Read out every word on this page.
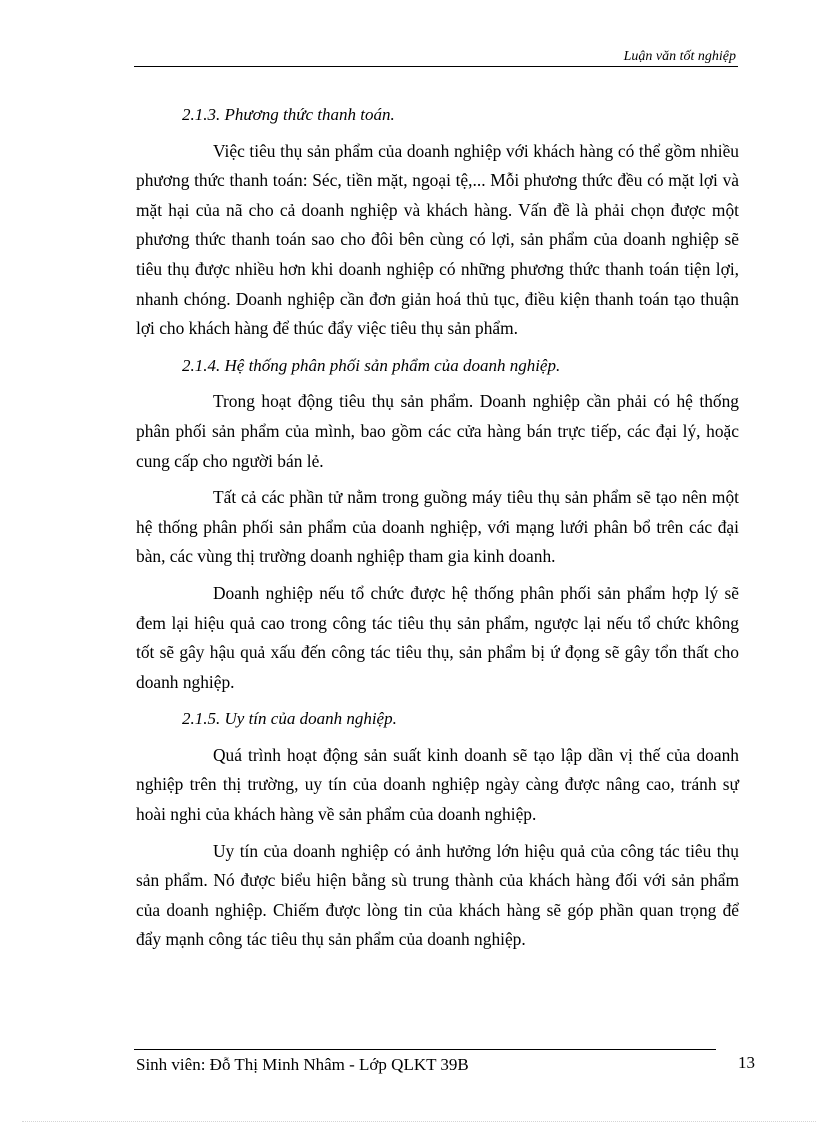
Luận văn tốt nghiệp
2.1.3. Phương thức thanh toán.

Việc tiêu thụ sản phẩm của doanh nghiệp với khách hàng có thể gồm nhiều phương thức thanh toán: Séc, tiền mặt, ngoại tệ,... Mỗi phương thức đều có mặt lợi và mặt hại của nã cho cả doanh nghiệp và khách hàng. Vấn đề là phải chọn được một phương thức thanh toán sao cho đôi bên cùng có lợi, sản phẩm của doanh nghiệp sẽ tiêu thụ được nhiều hơn khi doanh nghiệp có những phương thức thanh toán tiện lợi, nhanh chóng. Doanh nghiệp cần đơn giản hoá thủ tục, điều kiện thanh toán tạo thuận lợi cho khách hàng để thúc đẩy việc tiêu thụ sản phẩm.

2.1.4. Hệ thống phân phối sản phẩm của doanh nghiệp.

Trong hoạt động tiêu thụ sản phẩm. Doanh nghiệp cần phải có hệ thống phân phối sản phẩm của mình, bao gồm các cửa hàng bán trực tiếp, các đại lý, hoặc cung cấp cho người bán lẻ.

Tất cả các phần tử nằm trong guồng máy tiêu thụ sản phẩm sẽ tạo nên một hệ thống phân phối sản phẩm của doanh nghiệp, với mạng lưới phân bổ trên các đại bàn, các vùng thị trường doanh nghiệp tham gia kinh doanh.

Doanh nghiệp nếu tổ chức được hệ thống phân phối sản phẩm hợp lý sẽ đem lại hiệu quả cao trong công tác tiêu thụ sản phẩm, ngược lại nếu tổ chức không tốt sẽ gây hậu quả xấu đến công tác tiêu thụ, sản phẩm bị ứ đọng sẽ gây tổn thất cho doanh nghiệp.

2.1.5. Uy tín của doanh nghiệp.

Quá trình hoạt động sản suất kinh doanh sẽ tạo lập dần vị thế của doanh nghiệp trên thị trường, uy tín của doanh nghiệp ngày càng được nâng cao, tránh sự hoài nghi của khách hàng về sản phẩm của doanh nghiệp.

Uy tín của doanh nghiệp có ảnh hưởng lớn hiệu quả của công tác tiêu thụ sản phẩm. Nó được biểu hiện bằng sù trung thành của khách hàng đối với sản phẩm của doanh nghiệp. Chiếm được lòng tin của khách hàng sẽ góp phần quan trọng để đẩy mạnh công tác tiêu thụ sản phẩm của doanh nghiệp.

Sinh viên: Đỗ Thị Minh Nhâm - Lớp QLKT 39B	13
